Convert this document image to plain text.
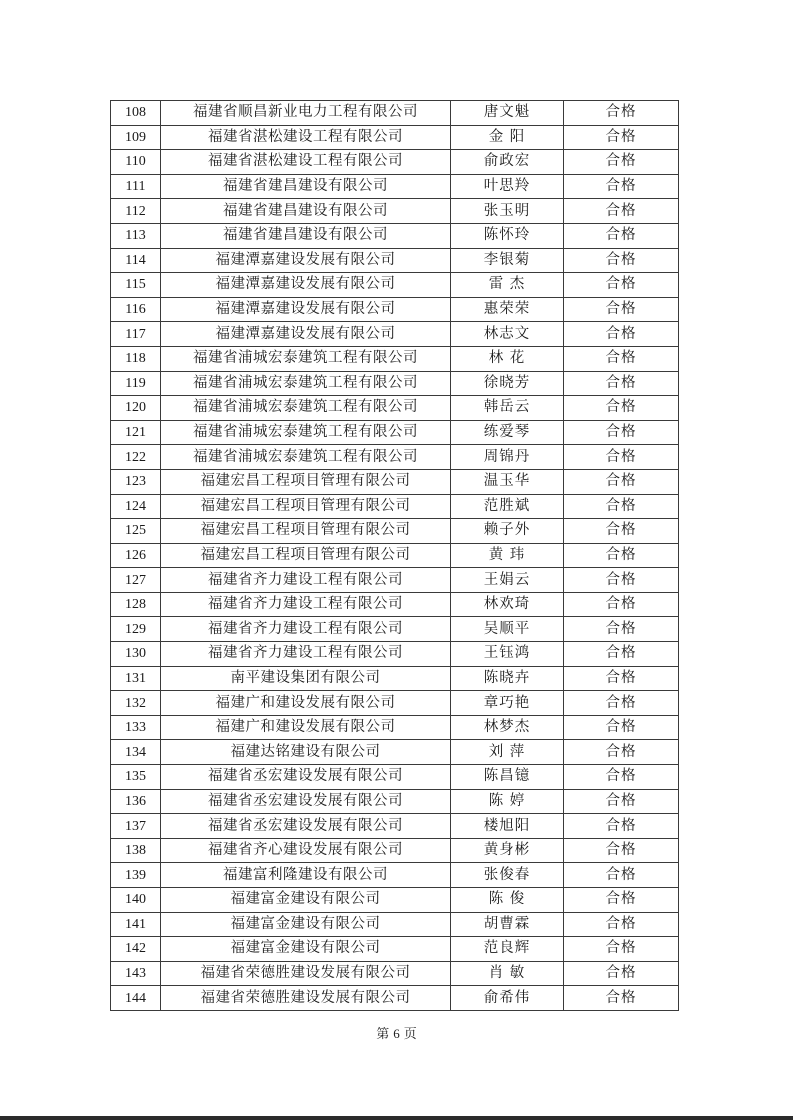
108	福建省顺昌新业电力工程有限公司	唐文魁	合格
109	福建省湛松建设工程有限公司	金 阳	合格
110	福建省湛松建设工程有限公司	俞政宏	合格
111	福建省建昌建设有限公司	叶思羚	合格
112	福建省建昌建设有限公司	张玉明	合格
113	福建省建昌建设有限公司	陈怀玲	合格
114	福建潭嘉建设发展有限公司	李银菊	合格
115	福建潭嘉建设发展有限公司	雷 杰	合格
116	福建潭嘉建设发展有限公司	惠荣荣	合格
117	福建潭嘉建设发展有限公司	林志文	合格
118	福建省浦城宏泰建筑工程有限公司	林 花	合格
119	福建省浦城宏泰建筑工程有限公司	徐晓芳	合格
120	福建省浦城宏泰建筑工程有限公司	韩岳云	合格
121	福建省浦城宏泰建筑工程有限公司	练爱琴	合格
122	福建省浦城宏泰建筑工程有限公司	周锦丹	合格
123	福建宏昌工程项目管理有限公司	温玉华	合格
124	福建宏昌工程项目管理有限公司	范胜斌	合格
125	福建宏昌工程项目管理有限公司	赖子外	合格
126	福建宏昌工程项目管理有限公司	黄 玮	合格
127	福建省齐力建设工程有限公司	王娟云	合格
128	福建省齐力建设工程有限公司	林欢琦	合格
129	福建省齐力建设工程有限公司	吴顺平	合格
130	福建省齐力建设工程有限公司	王钰鸿	合格
131	南平建设集团有限公司	陈晓卉	合格
132	福建广和建设发展有限公司	章巧艳	合格
133	福建广和建设发展有限公司	林梦杰	合格
134	福建达铭建设有限公司	刘 萍	合格
135	福建省丞宏建设发展有限公司	陈昌镱	合格
136	福建省丞宏建设发展有限公司	陈 婷	合格
137	福建省丞宏建设发展有限公司	楼旭阳	合格
138	福建省齐心建设发展有限公司	黄身彬	合格
139	福建富利隆建设有限公司	张俊春	合格
140	福建富金建设有限公司	陈 俊	合格
141	福建富金建设有限公司	胡曹霖	合格
142	福建富金建设有限公司	范良辉	合格
143	福建省荣德胜建设发展有限公司	肖 敏	合格
144	福建省荣德胜建设发展有限公司	俞希伟	合格
第 6 页
